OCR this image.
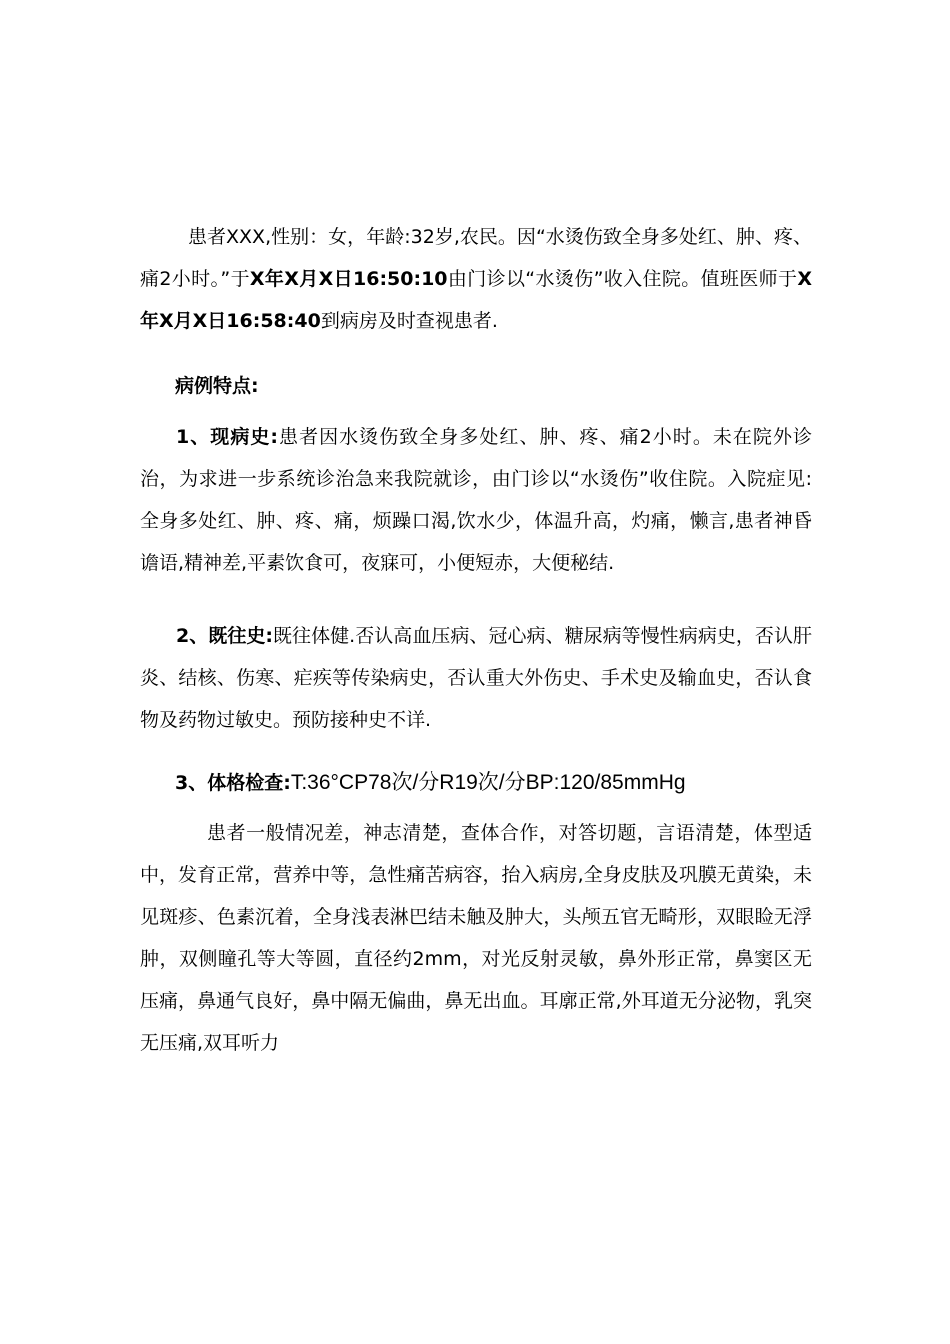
患者XXX,性别：女，年龄:32岁,农民。因“水烫伤致全身多处红、肿、疼、痛2小时。”于X年X月X日16:50:10由门诊以“水烫伤”收入住院。值班医师于X年X月X日16:58:40到病房及时查视患者.

病例特点:

1、现病史:患者因水烫伤致全身多处红、肿、疼、痛2小时。未在院外诊治，为求进一步系统诊治急来我院就诊，由门诊以“水烫伤”收住院。入院症见:全身多处红、肿、疼、痛，烦躁口渴,饮水少，体温升高，灼痛，懒言,患者神昏谵语,精神差,平素饮食可，夜寐可，小便短赤，大便秘结.

2、既往史:既往体健.否认高血压病、冠心病、糖尿病等慢性病病史，否认肝炎、结核、伤寒、疟疾等传染病史，否认重大外伤史、手术史及输血史，否认食物及药物过敏史。预防接种史不详.

3、体格检查:T:36°CP78次/分R19次/分BP:120/85mmHg

患者一般情况差，神志清楚，查体合作，对答切题，言语清楚，体型适中，发育正常，营养中等，急性痛苦病容，抬入病房,全身皮肤及巩膜无黄染，未见斑疹、色素沉着，全身浅表淋巴结未触及肿大，头颅五官无畸形，双眼睑无浮肿，双侧瞳孔等大等圆，直径约2mm，对光反射灵敏，鼻外形正常，鼻窦区无压痛，鼻通气良好，鼻中隔无偏曲，鼻无出血。耳廓正常,外耳道无分泌物，乳突无压痛,双耳听力
